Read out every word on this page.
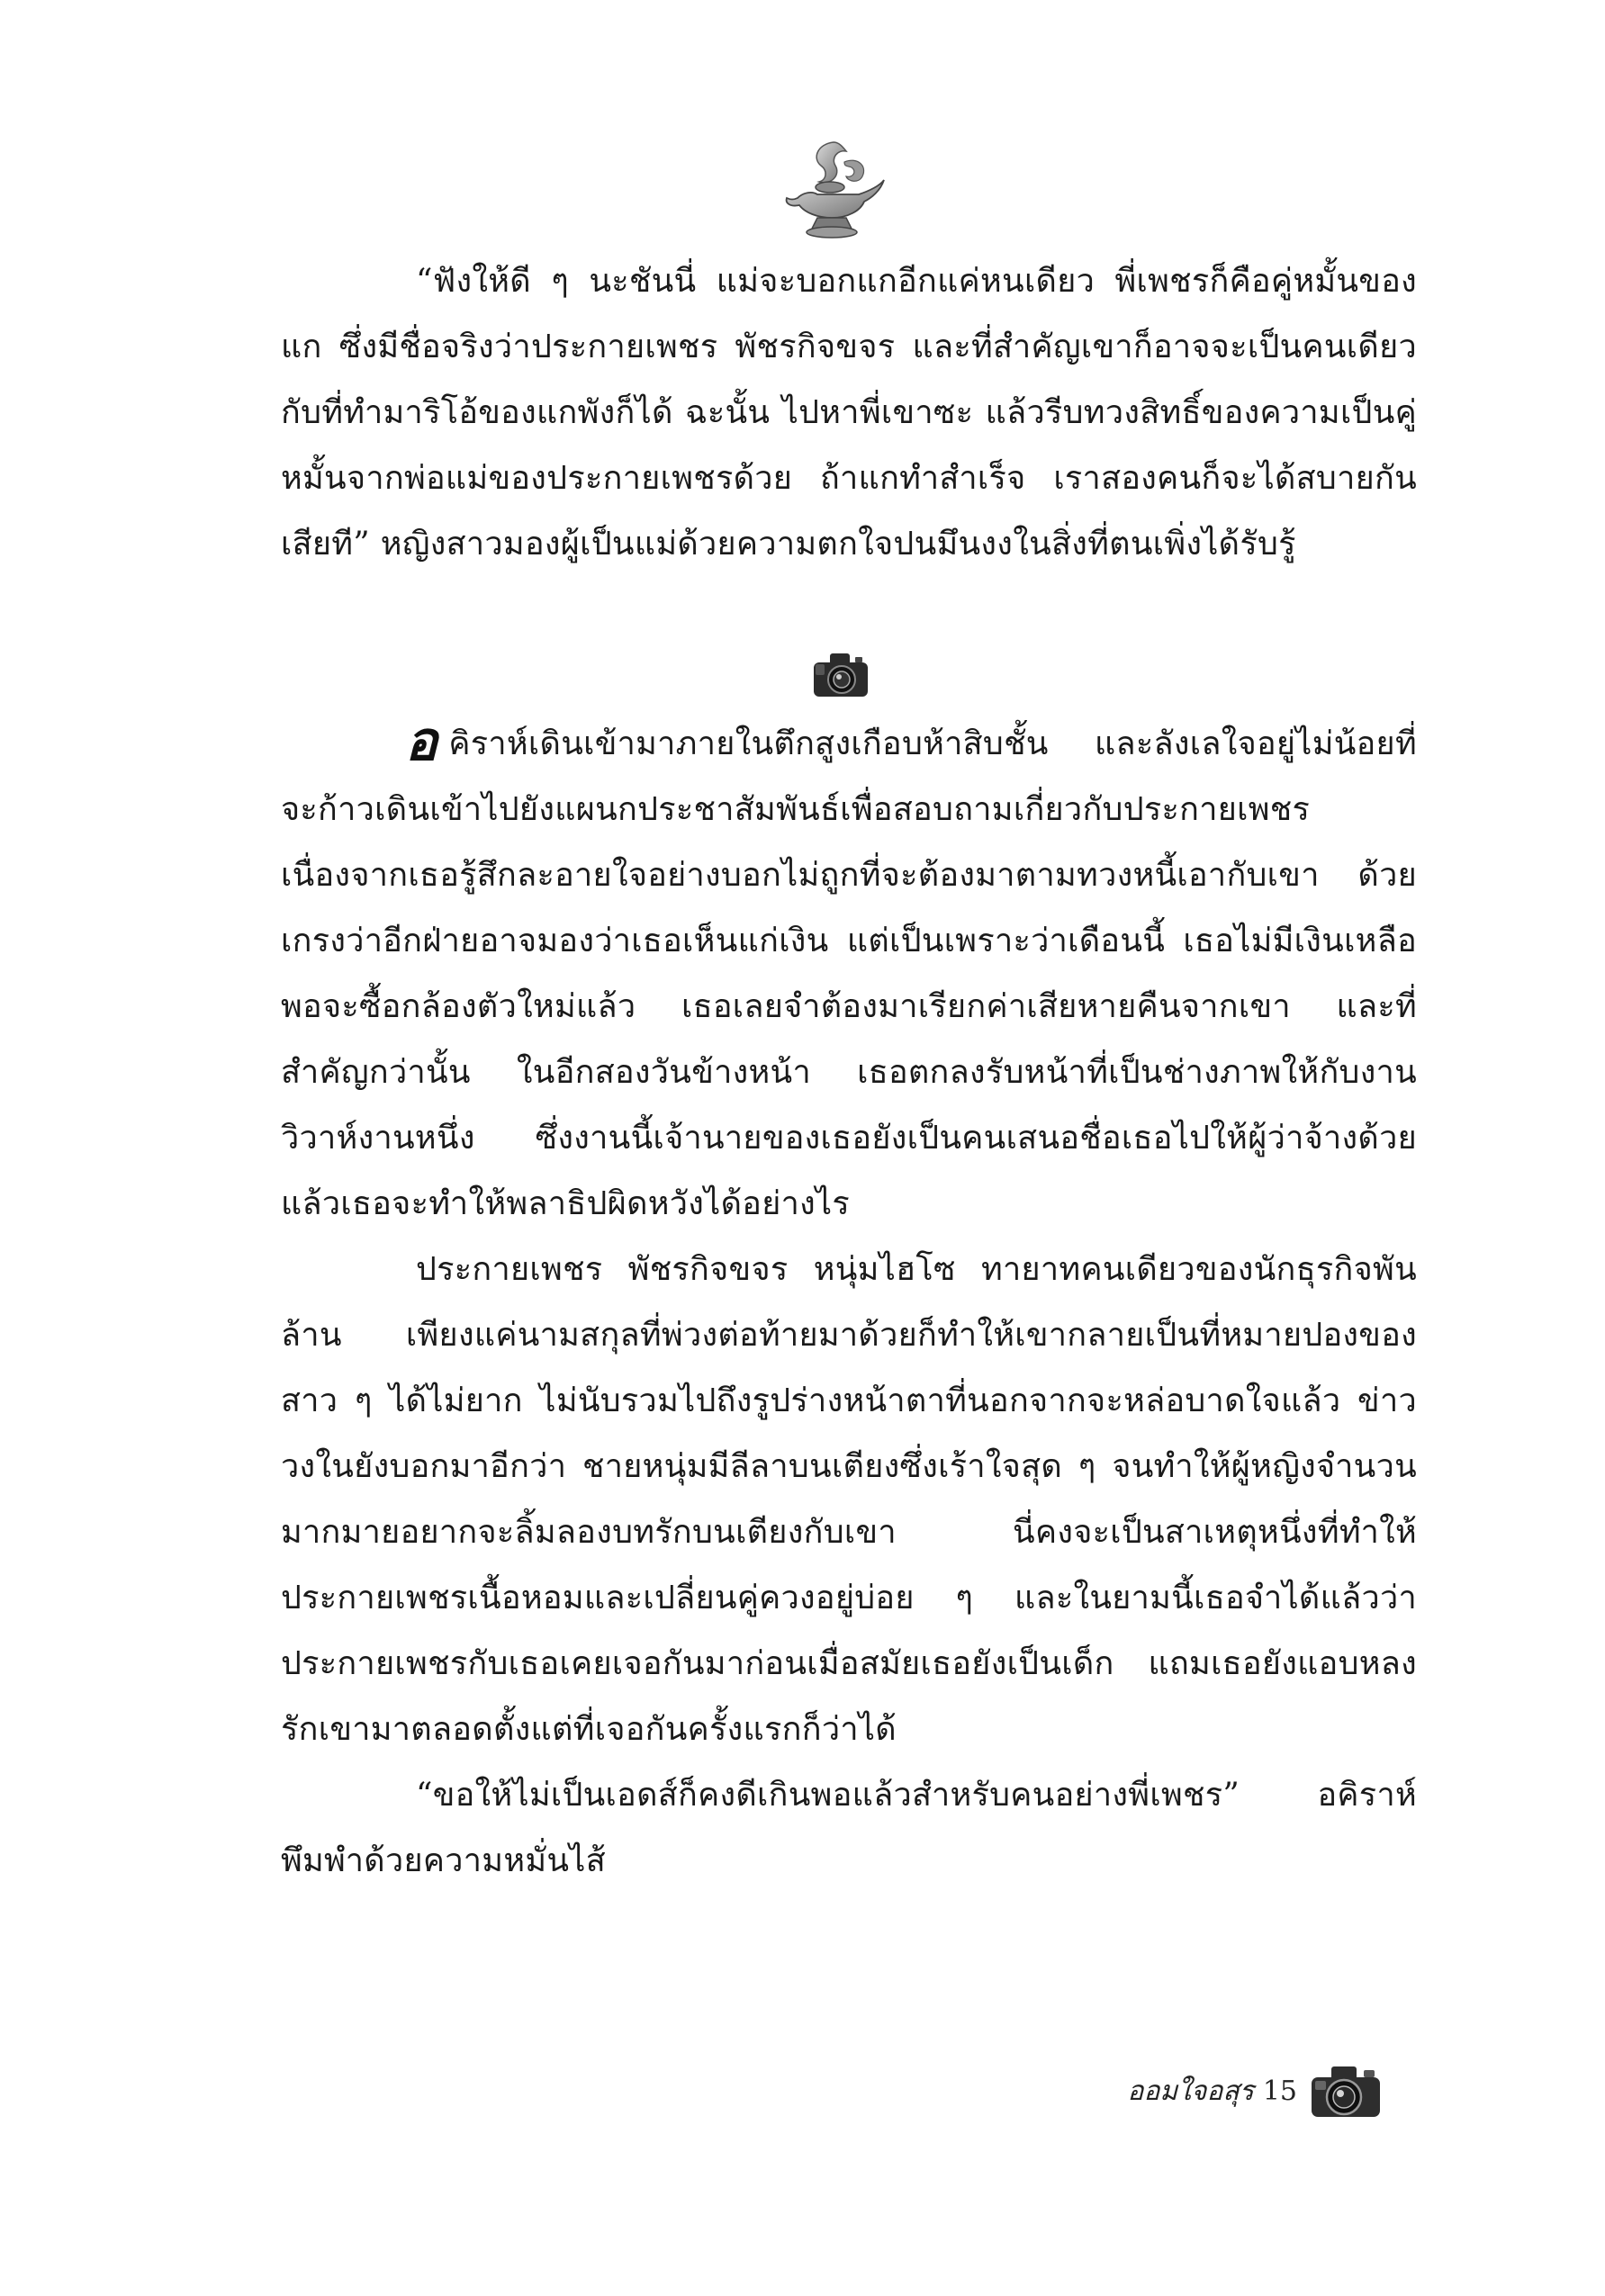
“ฟังให้ดี ๆ นะชันนี่ แม่จะบอกแกอีกแค่หนเดียว พี่เพชรก็คือคู่หมั้นของแก ซึ่งมีชื่อจริงว่าประกายเพชร พัชรกิจขจร และที่สำคัญเขาก็อาจจะเป็นคนเดียวกับที่ทำมาริโอ้ของแกพังก็ได้ ฉะนั้น ไปหาพี่เขาซะ แล้วรีบทวงสิทธิ์ของความเป็นคู่หมั้นจากพ่อแม่ของประกายเพชรด้วย ถ้าแกทำสำเร็จ เราสองคนก็จะได้สบายกันเสียที” หญิงสาวมองผู้เป็นแม่ด้วยความตกใจปนมึนงงในสิ่งที่ตนเพิ่งได้รับรู้

อคิราห์เดินเข้ามาภายในตึกสูงเกือบห้าสิบชั้น และลังเลใจอยู่ไม่น้อยที่จะก้าวเดินเข้าไปยังแผนกประชาสัมพันธ์เพื่อสอบถามเกี่ยวกับประกายเพชร เนื่องจากเธอรู้สึกละอายใจอย่างบอกไม่ถูกที่จะต้องมาตามทวงหนี้เอากับเขา ด้วยเกรงว่าอีกฝ่ายอาจมองว่าเธอเห็นแก่เงิน แต่เป็นเพราะว่าเดือนนี้ เธอไม่มีเงินเหลือพอจะซื้อกล้องตัวใหม่แล้ว เธอเลยจำต้องมาเรียกค่าเสียหายคืนจากเขา และที่สำคัญกว่านั้น ในอีกสองวันข้างหน้า เธอตกลงรับหน้าที่เป็นช่างภาพให้กับงานวิวาห์งานหนึ่ง ซึ่งงานนี้เจ้านายของเธอยังเป็นคนเสนอชื่อเธอไปให้ผู้ว่าจ้างด้วย แล้วเธอจะทำให้พลาธิปผิดหวังได้อย่างไร

ประกายเพชร พัชรกิจขจร หนุ่มไฮโซ ทายาทคนเดียวของนักธุรกิจพันล้าน เพียงแค่นามสกุลที่พ่วงต่อท้ายมาด้วยก็ทำให้เขากลายเป็นที่หมายปองของสาว ๆ ได้ไม่ยาก ไม่นับรวมไปถึงรูปร่างหน้าตาที่นอกจากจะหล่อบาดใจแล้ว ข่าววงในยังบอกมาอีกว่า ชายหนุ่มมีลีลาบนเตียงซึ่งเร้าใจสุด ๆ จนทำให้ผู้หญิงจำนวนมากมายอยากจะลิ้มลองบทรักบนเตียงกับเขา นี่คงจะเป็นสาเหตุหนึ่งที่ทำให้ประกายเพชรเนื้อหอมและเปลี่ยนคู่ควงอยู่บ่อย ๆ และในยามนี้เธอจำได้แล้วว่าประกายเพชรกับเธอเคยเจอกันมาก่อนเมื่อสมัยเธอยังเป็นเด็ก แถมเธอยังแอบหลงรักเขามาตลอดตั้งแต่ที่เจอกันครั้งแรกก็ว่าได้

“ขอให้ไม่เป็นเอดส์ก็คงดีเกินพอแล้วสำหรับคนอย่างพี่เพชร” อคิราห์พึมพำด้วยความหมั่นไส้

ออมใจอสุร 15
